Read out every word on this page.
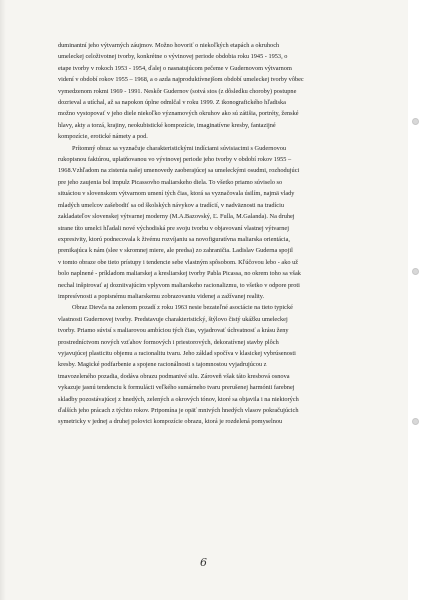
duminantní jeho výtvarných záujmov. Možno hovoriť o niekoľkých etapách a okruhoch
umeleckej celoživotnej tvorby, konkrétne o vývinovej periode obdobia roku 1945 - 1953, o
etape tvorby v rokoch 1953 - 1954, ďalej o nasnatujúcom pečeme v Gudernovom výtvarnom
videní v období rokov 1955 – 1968, a o azda najproduktívnejšom období umeleckej tvorby vôbec
vymedzenom rokmi 1969 - 1991. Neskôr Gudernov (sotvá stos (z dôsledku choroby) postupne
dozrieval a utíchal, až sa napokon úplne odmlčal v roku 1999. Z ikonografického hľadiska
možno vystopovať v jeho diele niekoľko významových okruhov ako sú zátišia, portréty, ženské
hlavy, akty a torzá, krajiny, neokubistické kompozície, imaginatívne kresby, fantazijné
kompozície, erotické námety a pod.
Prítomný obraz sa vyznačuje charakteristickými indíciami súvisiacimi s Gudernovou
rukopisnou faktúrou, uplatňovanou vo vývinovej periode jeho tvorby v období rokov 1955 –
1968.Vzhľadom na zistenia našej umenovedy zaoberajúcej sa umeleckými osudmi, rozhodujúci
pre jeho zaujenia bol impulz Picassovho maliarskeho diela. To všetko priamo súviselo so
situáciou v slovenskom výtvarnom umení tých čias, ktorá sa vyznačovala úsilím, najmä vlady
mladých umelcov zašebodiť sa od školských návykov a tradícií, v nadväznosti na tradíciu
zakladateľov slovenskej výtvarnej moderny (M.A.Bazovský, Ľ. Fulla, M.Galanda). Na druhej
strane títo umelci hľadali nové východiská pre svoju tvorbu v objavovaní vlastnej výtvarnej
expresivity, ktorú podnecovala k živému rozvíjaniu sa novofiguratívna maliarska orientácia,
prenikajúca k nám (slee v skromnej miere, ale predsa) zo zahraničia. Ladislav Guderna spojil
v tomto obraze obe tieto prístupy i tendencie sebe vlastným spôsobom. Kľúčovou lebo - ako už
bolo naplnené - príkladom maliarskej a kresliarskej tvorby Pabla Picassa, no okrem toho sa však
nechal inšpirovať aj dozniivajúcim vplyvom maliarskeho racionalizmu, to všetko v odpore proti
impresívnosti a popisnému maliarskemu zobrazovaniu videnej a zažívanej reality.
Obraz Dievča na zelenom pozadí z roku 1963 nesie bezateľné asociácie na tieto typické
vlastnosti Gudernovej tvorby. Predstavuje charakteristický, štýlovo čistý ukážku umeleckej
tvorby. Priamo súvisí s maliarovou ambíciou tých čias, vyjadrovať úchvatnosť a krásu ženy
prostredníctvom nových vzťahov formových i priestorových, dekoratívnej stavby plôch
vyjavujúcej plasticitu objemu a racionalitu tvaru. Jeho základ spočíva v klasickej vybrúsenosti
kresby. Magické podfarbenie a spojene racionálnosti s tajomnostou vyjadrujúcou z
tmavozeleného pozadia, dodáva obrazu podmanivé silu. Zároveň však táto kresbová osnova
vykazuje jasnú tendenciu k formulácii veľkého sumárneho tvaru prerušenej harmónii farebnej
skladby pozostávajúcej z hnedých, zelených a okrových tónov, ktoré sa objavila i na niektorých
ďalších jeho prácach z týchto rokov. Pripomína je opäť mnivých hnedých vlasov pokračujúcich
symetricky v jednej a druhej polovici kompozície obrazu, ktorá je rozdelená pomyselnou
6
